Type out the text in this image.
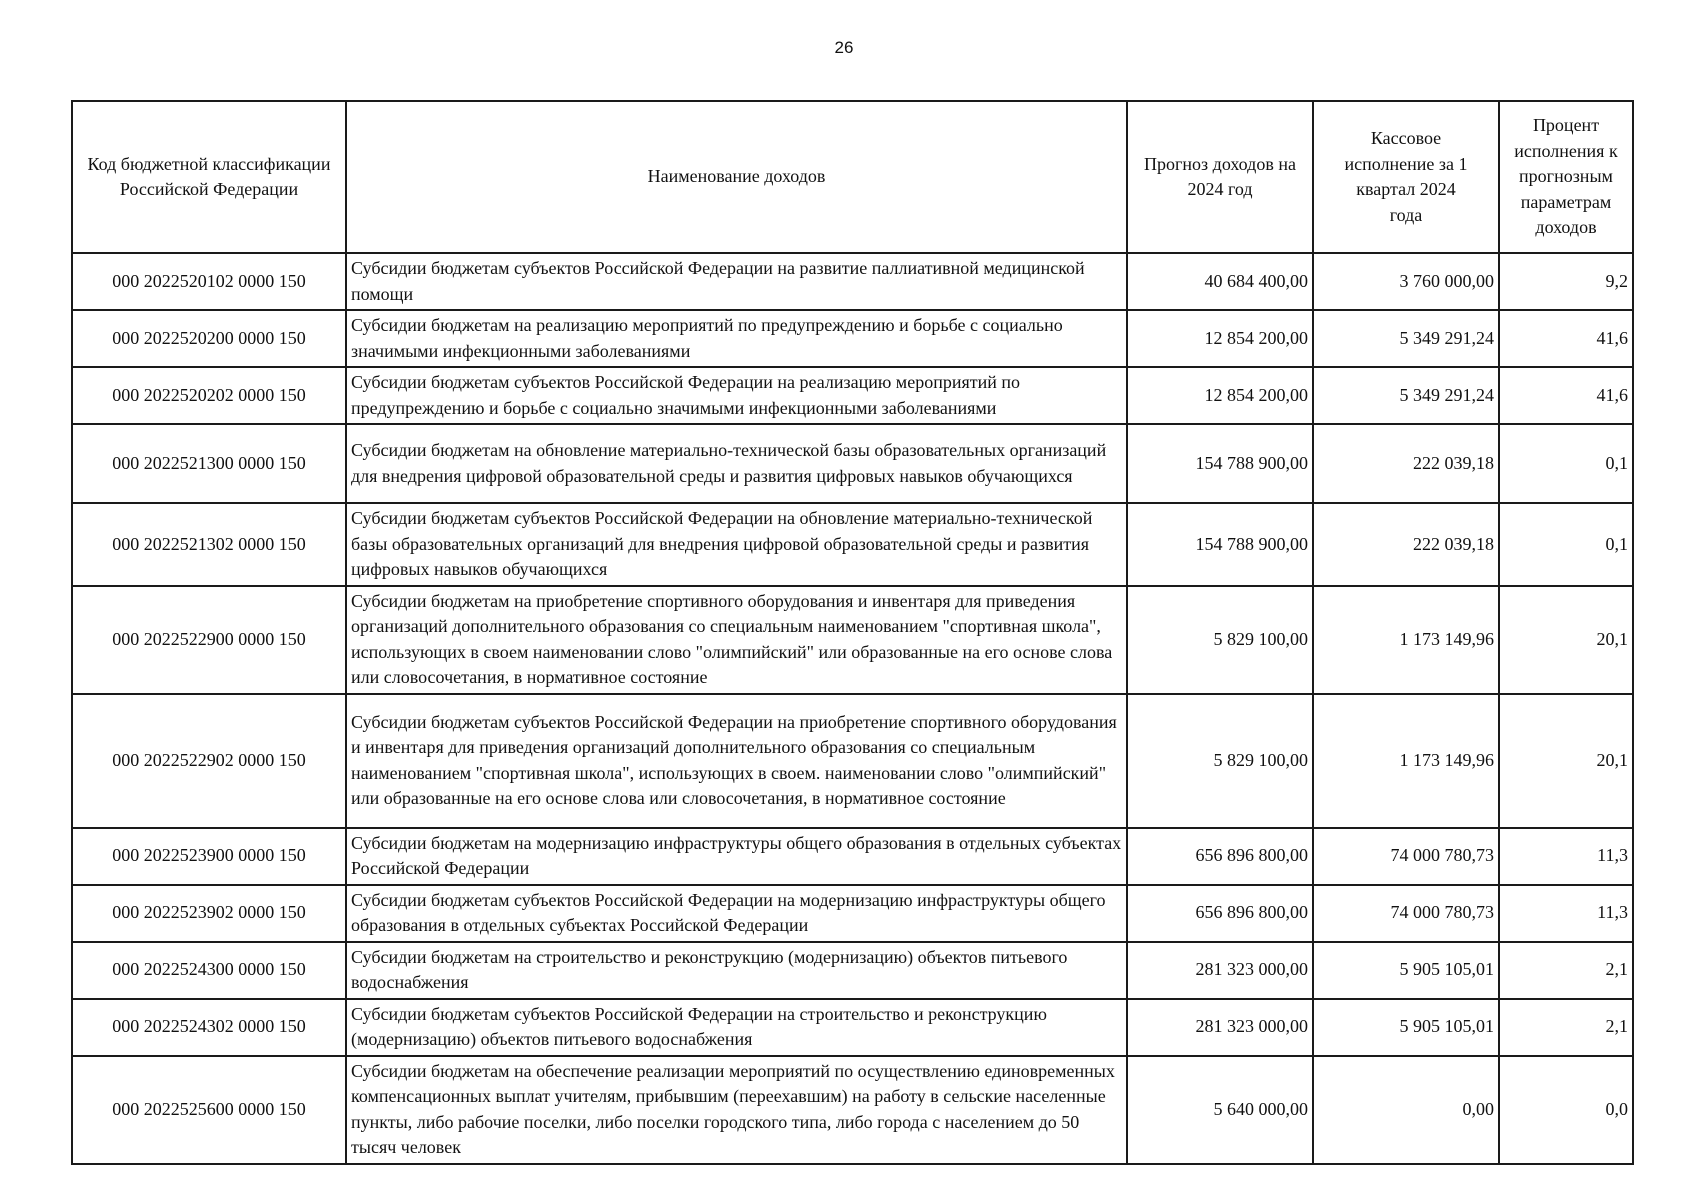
26
Код бюджетной классификации Российской Федерации	Наименование доходов	Прогноз доходов на 2024 год	Кассовое исполнение за 1 квартал 2024 года	Процент исполнения к прогнозным параметрам доходов
000 2022520102 0000 150	Субсидии бюджетам субъектов Российской Федерации на развитие паллиативной медицинской помощи	40 684 400,00	3 760 000,00	9,2
000 2022520200 0000 150	Субсидии бюджетам на реализацию мероприятий по предупреждению и борьбе с социально значимыми инфекционными заболеваниями	12 854 200,00	5 349 291,24	41,6
000 2022520202 0000 150	Субсидии бюджетам субъектов Российской Федерации на реализацию мероприятий по предупреждению и борьбе с социально значимыми инфекционными заболеваниями	12 854 200,00	5 349 291,24	41,6
000 2022521300 0000 150	Субсидии бюджетам на обновление материально-технической базы образовательных организаций для внедрения цифровой образовательной среды и развития цифровых навыков обучающихся	154 788 900,00	222 039,18	0,1
000 2022521302 0000 150	Субсидии бюджетам субъектов Российской Федерации на обновление материально-технической базы образовательных организаций для внедрения цифровой образовательной среды и развития цифровых навыков обучающихся	154 788 900,00	222 039,18	0,1
000 2022522900 0000 150	Субсидии бюджетам на приобретение спортивного оборудования и инвентаря для приведения организаций дополнительного образования со специальным наименованием "спортивная школа", использующих в своем наименовании слово "олимпийский" или образованные на его основе слова или словосочетания, в нормативное состояние	5 829 100,00	1 173 149,96	20,1
000 2022522902 0000 150	Субсидии бюджетам субъектов Российской Федерации на приобретение спортивного оборудования и инвентаря для приведения организаций дополнительного образования со специальным наименованием "спортивная школа", использующих в своем. наименовании слово "олимпийский" или образованные на его основе слова или словосочетания, в нормативное состояние	5 829 100,00	1 173 149,96	20,1
000 2022523900 0000 150	Субсидии бюджетам на модернизацию инфраструктуры общего образования в отдельных субъектах Российской Федерации	656 896 800,00	74 000 780,73	11,3
000 2022523902 0000 150	Субсидии бюджетам субъектов Российской Федерации на модернизацию инфраструктуры общего образования в отдельных субъектах Российской Федерации	656 896 800,00	74 000 780,73	11,3
000 2022524300 0000 150	Субсидии бюджетам на строительство и реконструкцию (модернизацию) объектов питьевого водоснабжения	281 323 000,00	5 905 105,01	2,1
000 2022524302 0000 150	Субсидии бюджетам субъектов Российской Федерации на строительство и реконструкцию (модернизацию) объектов питьевого водоснабжения	281 323 000,00	5 905 105,01	2,1
000 2022525600 0000 150	Субсидии бюджетам на обеспечение реализации мероприятий по осуществлению единовременных компенсационных выплат учителям, прибывшим (переехавшим) на работу в сельские населенные пункты, либо рабочие поселки, либо поселки городского типа, либо города с населением до 50 тысяч человек	5 640 000,00	0,00	0,0
